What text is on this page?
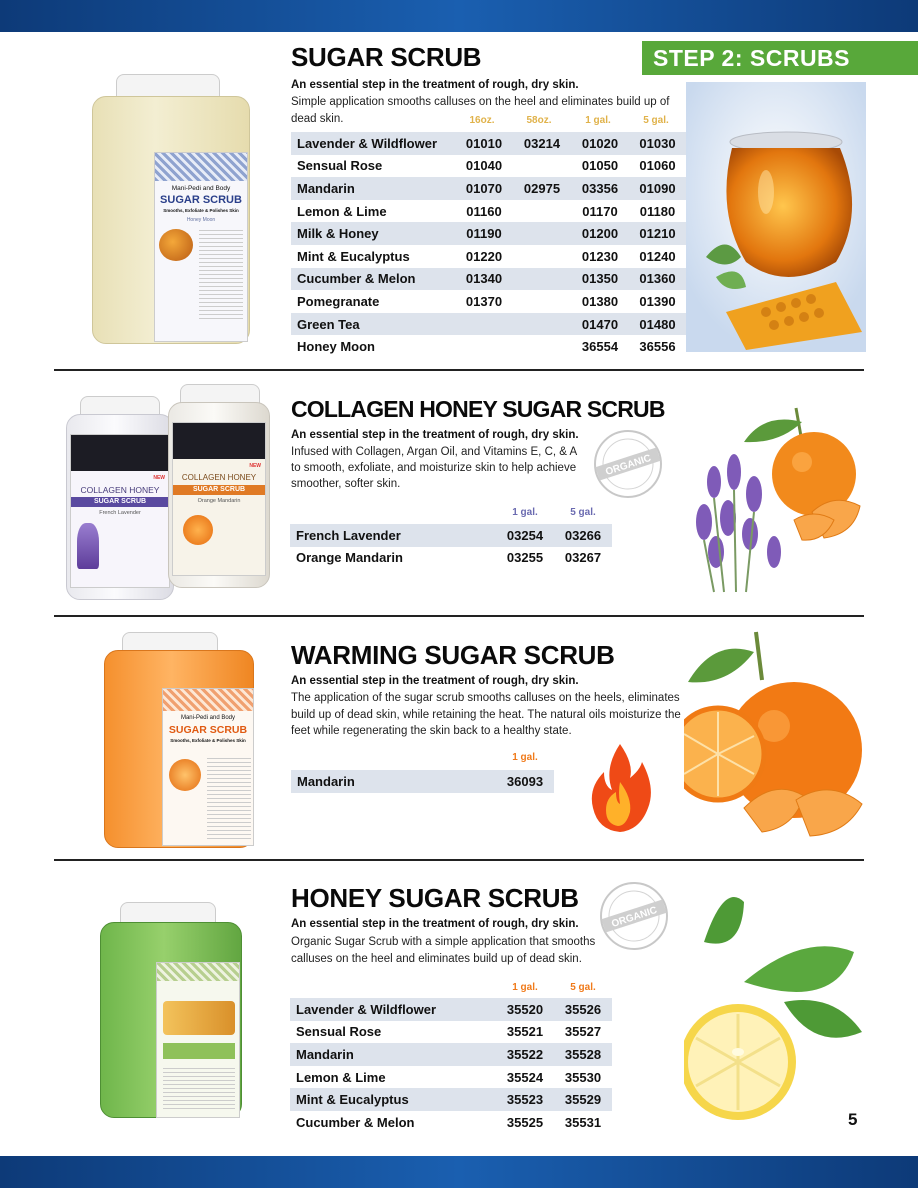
STEP 2: SCRUBS
Mani-Pedi and Body
SUGAR SCRUB
Smooths, Exfoliate & Polishes Skin
Honey Moon
SUGAR SCRUB
An essential step in the treatment of rough, dry skin.
Simple application smooths calluses on the heel and eliminates build up of
dead skin.	16oz.	58oz.	1 gal.	5 gal.
Lavender & Wildflower	01010	03214	01020	01030
Sensual Rose	01040		01050	01060
Mandarin	01070	02975	03356	01090
Lemon & Lime	01160		01170	01180
Milk & Honey	01190		01200	01210
Mint & Eucalyptus	01220		01230	01240
Cucumber & Melon	01340		01350	01360
Pomegranate	01370		01380	01390
Green Tea			01470	01480
Honey Moon			36554	36556
NEW
COLLAGEN HONEY
SUGAR SCRUB
French Lavender
NEW
COLLAGEN HONEY
SUGAR SCRUB
Orange Mandarin
COLLAGEN HONEY SUGAR SCRUB
An essential step in the treatment of rough, dry skin.
Infused with Collagen, Argan Oil, and Vitamins E, C, & A
to smooth, exfoliate, and moisturize skin to help achieve
smoother, softer skin.
1 gal.	5 gal.
French Lavender	03254	03266
Orange Mandarin	03255	03267
ORGANIC
Mani-Pedi and Body
SUGAR SCRUB
Smooths, Exfoliate & Polishes Skin
WARMING SUGAR SCRUB
An essential step in the treatment of rough, dry skin.
The application of the sugar scrub smooths calluses on the heels, eliminates
build up of dead skin, while retaining the heat. The natural oils moisturize the
feet while regenerating the skin back to a healthy state.
1 gal.
Mandarin	36093
HONEY SUGAR SCRUB
An essential step in the treatment of rough, dry skin.
Organic Sugar Scrub with a simple application that smooths
calluses on the heel and eliminates build up of dead skin.
ORGANIC
1 gal.	5 gal.
Lavender & Wildflower	35520	35526
Sensual Rose	35521	35527
Mandarin	35522	35528
Lemon & Lime	35524	35530
Mint & Eucalyptus	35523	35529
Cucumber & Melon	35525	35531	5
